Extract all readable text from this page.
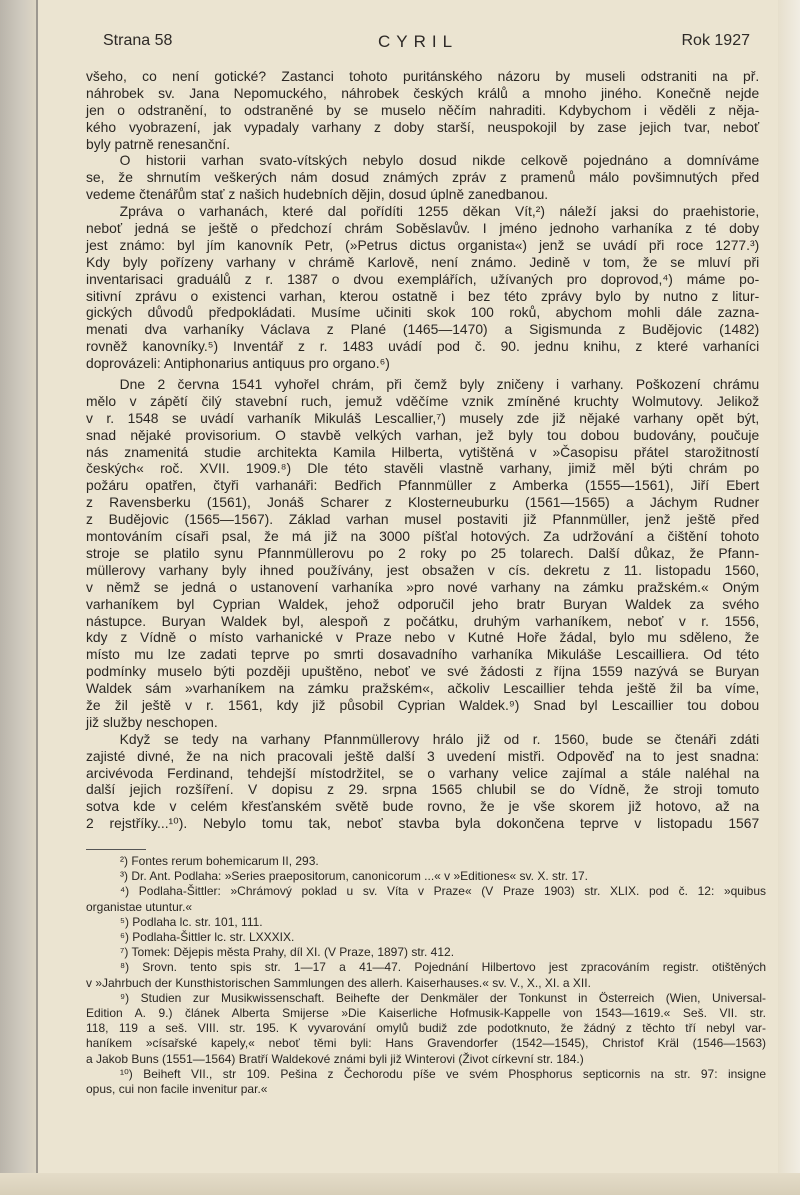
Strana 58	CYRIL	Rok 1927
všeho, co není gotické? Zastanci tohoto puritánského názoru by museli odstraniti na př.
náhrobek sv. Jana Nepomuckého, náhrobek českých králů a mnoho jiného. Konečně nejde
jen o odstranění, to odstraněné by se muselo něčím nahraditi. Kdybychom i věděli z něja-
kého vyobrazení, jak vypadaly varhany z doby starší, neuspokojil by zase jejich tvar, neboť
byly patrně renesanční.
O historii varhan svato-vítských nebylo dosud nikde celkově pojednáno a domníváme
se, že shrnutím veškerých nám dosud známých zpráv z pramenů málo povšimnutých před
vedeme čtenářům stať z našich hudebních dějin, dosud úplně zanedbanou.
Zpráva o varhanách, které dal pořídíti 1255 děkan Vít,²) náleží jaksi do praehistorie,
neboť jedná se ještě o předchozí chrám Soběslavův. I jméno jednoho varhaníka z té doby
jest známo: byl jím kanovník Petr, (»Petrus dictus organista«) jenž se uvádí při roce 1277.³)
Kdy byly pořízeny varhany v chrámě Karlově, není známo. Jedině v tom, že se mluví při
inventarisaci graduálů z r. 1387 o dvou exemplářích, užívaných pro doprovod,⁴) máme po-
sitivní zprávu o existenci varhan, kterou ostatně i bez této zprávy bylo by nutno z litur-
gických důvodů předpokládati. Musíme učiniti skok 100 roků, abychom mohli dále zazna-
menati dva varhaníky Václava z Plané (1465—1470) a Sigismunda z Budějovic (1482)
rovněž kanovníky.⁵) Inventář z r. 1483 uvádí pod č. 90. jednu knihu, z které varhaníci
doprovázeli: Antiphonarius antiquus pro organo.⁶)
Dne 2 června 1541 vyhořel chrám, při čemž byly zničeny i varhany. Poškození chrámu
mělo v zápětí čilý stavební ruch, jemuž vděčíme vznik zmíněné kruchty Wolmutovy. Jelikož
v r. 1548 se uvádí varhaník Mikuláš Lescallier,⁷) musely zde již nějaké varhany opět být,
snad nějaké provisorium. O stavbě velkých varhan, jež byly tou dobou budovány, poučuje
nás znamenitá studie architekta Kamila Hilberta, vytištěná v »Časopisu přátel starožitností
českých« roč. XVII. 1909.⁸) Dle této stavěli vlastně varhany, jimiž měl býti chrám po
požáru opatřen, čtyři varhanáři: Bedřich Pfannmüller z Amberka (1555—1561), Jiří Ebert
z Ravensberku (1561), Jonáš Scharer z Klosterneuburku (1561—1565) a Jáchym Rudner
z Budějovic (1565—1567). Základ varhan musel postaviti již Pfannmüller, jenž ještě před
montováním císaři psal, že má již na 3000 píšťal hotových. Za udržování a čištění tohoto
stroje se platilo synu Pfannmüllerovu po 2 roky po 25 tolarech. Další důkaz, že Pfann-
müllerovy varhany byly ihned používány, jest obsažen v cís. dekretu z 11. listopadu 1560,
v němž se jedná o ustanovení varhaníka »pro nové varhany na zámku pražském.« Oným
varhaníkem byl Cyprian Waldek, jehož odporučil jeho bratr Buryan Waldek za svého
nástupce. Buryan Waldek byl, alespoň z počátku, druhým varhaníkem, neboť v r. 1556,
kdy z Vídně o místo varhanické v Praze nebo v Kutné Hoře žádal, bylo mu sděleno, že
místo mu lze zadati teprve po smrti dosavadního varhaníka Mikuláše Lescailliera. Od této
podmínky muselo býti později upuštěno, neboť ve své žádosti z října 1559 nazývá se Buryan
Waldek sám »varhaníkem na zámku pražském«, ačkoliv Lescaillier tehda ještě žil ba víme,
že žil ještě v r. 1561, kdy již působil Cyprian Waldek.⁹) Snad byl Lescaillier tou dobou
již služby neschopen.
Když se tedy na varhany Pfannmüllerovy hrálo již od r. 1560, bude se čtenáři zdáti
zajisté divné, že na nich pracovali ještě další 3 uvedení mistři. Odpověď na to jest snadna:
arcivévoda Ferdinand, tehdejší místodržitel, se o varhany velice zajímal a stále naléhal na
další jejich rozšíření. V dopisu z 29. srpna 1565 chlubil se do Vídně, že stroji tomuto
sotva kde v celém křesťanském světě bude rovno, že je vše skorem již hotovo, až na
2 rejstříky...¹⁰). Nebylo tomu tak, neboť stavba byla dokončena teprve v listopadu 1567
²) Fontes rerum bohemicarum II, 293.
³) Dr. Ant. Podlaha: »Series praepositorum, canonicorum ...« v »Editiones« sv. X. str. 17.
⁴) Podlaha-Šittler: »Chrámový poklad u sv. Víta v Praze« (V Praze 1903) str. XLIX. pod č. 12: »quibus
organistae utuntur.«
⁵) Podlaha lc. str. 101, 111.
⁶) Podlaha-Šittler lc. str. LXXXIX.
⁷) Tomek: Dějepis města Prahy, díl XI. (V Praze, 1897) str. 412.
⁸) Srovn. tento spis str. 1—17 a 41—47. Pojednání Hilbertovo jest zpracováním registr. otištěných
v »Jahrbuch der Kunsthistorischen Sammlungen des allerh. Kaiserhauses.« sv. V., X., XI. a XII.
⁹) Studien zur Musikwissenschaft. Beihefte der Denkmäler der Tonkunst in Österreich (Wien, Universal-
Edition A. 9.) článek Alberta Smijerse »Die Kaiserliche Hofmusik-Kappelle von 1543—1619.« Seš. VII. str.
118, 119 a seš. VIII. str. 195. K vyvarování omylů budiž zde podotknuto, že žádný z těchto tří nebyl var-
haníkem »císařské kapely,« neboť těmi byli: Hans Gravendorfer (1542—1545), Christof Kräl (1546—1563)
a Jakob Buns (1551—1564) Bratří Waldekové známi byli již Winterovi (Život církevní str. 184.)
¹⁰) Beiheft VII., str 109. Pešina z Čechorodu píše ve svém Phosphorus septicornis na str. 97: insigne
opus, cui non facile invenitur par.«
